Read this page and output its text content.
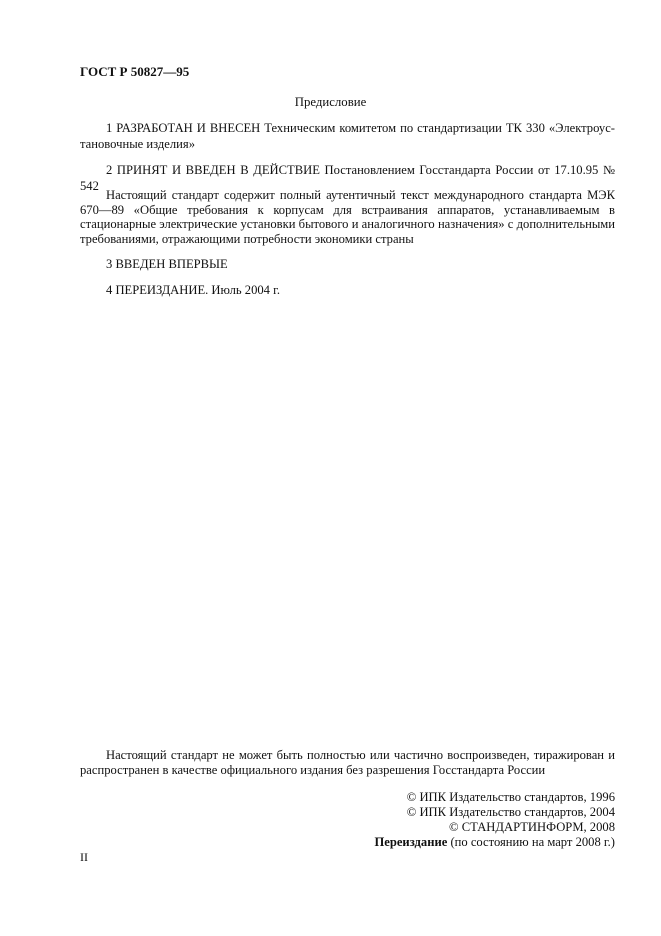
ГОСТ Р 50827—95
Предисловие
1 РАЗРАБОТАН И ВНЕСЕН Техническим комитетом по стандартизации ТК 330 «Электроус-тановочные изделия»
2 ПРИНЯТ И ВВЕДЕН В ДЕЙСТВИЕ Постановлением Госстандарта России от 17.10.95 № 542
Настоящий стандарт содержит полный аутентичный текст международного стандарта МЭК 670—89 «Общие требования к корпусам для встраивания аппаратов, устанавливаемым в стационарные электрические установки бытового и аналогичного назначения» с дополнительными требованиями, отражающими потребности экономики страны
3 ВВЕДЕН ВПЕРВЫЕ
4 ПЕРЕИЗДАНИЕ. Июль 2004 г.
Настоящий стандарт не может быть полностью или частично воспроизведен, тиражирован и распространен в качестве официального издания без разрешения Госстандарта России
© ИПК Издательство стандартов, 1996
© ИПК Издательство стандартов, 2004
© СТАНДАРТИНФОРМ, 2008
Переиздание (по состоянию на март 2008 г.)
II
